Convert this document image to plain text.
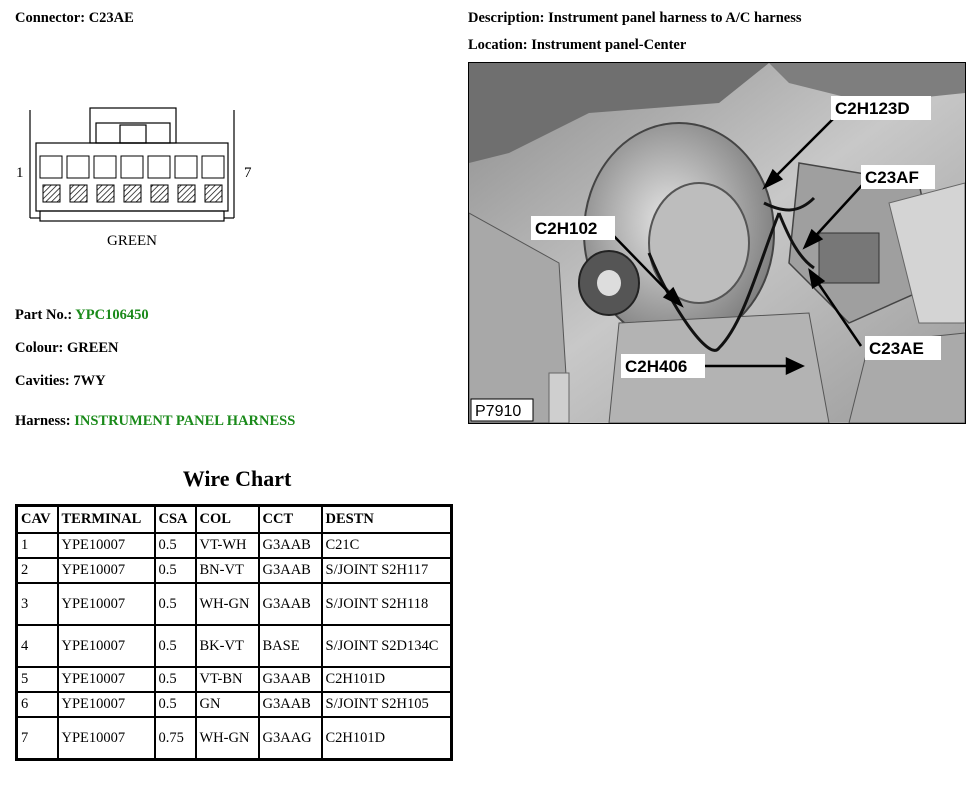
Connector: C23AE	Description: Instrument panel harness to A/C harness
Location: Instrument panel-Center
1	7
GREEN
Part No.: YPC106450
Colour: GREEN
Cavities: 7WY
Harness: INSTRUMENT PANEL HARNESS
C2H123D
C23AF
C2H102
C2H406
C23AE
P7910
Wire Chart
CAV	TERMINAL	CSA	COL	CCT	DESTN
1	YPE10007	0.5	VT-WH	G3AAB	C21C
2	YPE10007	0.5	BN-VT	G3AAB	S/JOINT S2H117
3	YPE10007	0.5	WH-GN	G3AAB	S/JOINT S2H118
4	YPE10007	0.5	BK-VT	BASE	S/JOINT S2D134C
5	YPE10007	0.5	VT-BN	G3AAB	C2H101D
6	YPE10007	0.5	GN	G3AAB	S/JOINT S2H105
7	YPE10007	0.75	WH-GN	G3AAG	C2H101D
